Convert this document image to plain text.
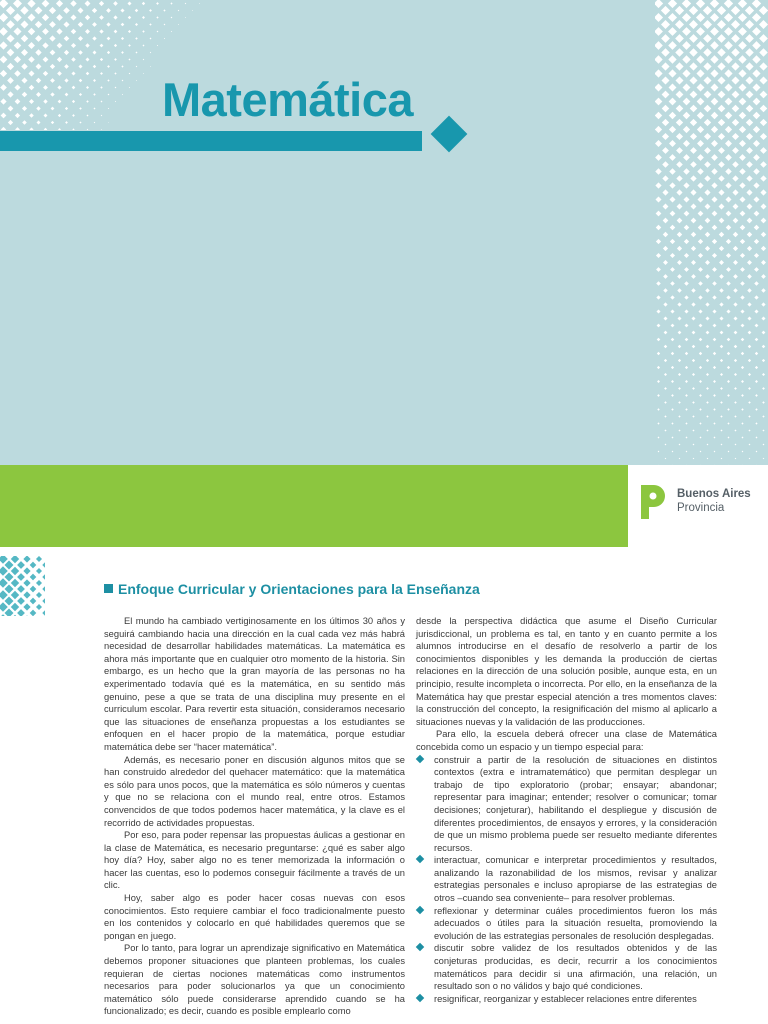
Matemática
Buenos Aires
Provincia
Enfoque Curricular y Orientaciones para la Enseñanza

El mundo ha cambiado vertiginosamente en los últimos 30 años y seguirá cambiando hacia una dirección en la cual cada vez más habrá necesidad de desarrollar habilidades matemáticas. La matemática es ahora más importante que en cualquier otro momento de la historia. Sin embargo, es un hecho que la gran mayoría de las personas no ha experimentado todavía qué es la matemática, en su sentido más genuino, pese a que se trata de una disciplina muy presente en el curriculum escolar. Para revertir esta situación, consideramos necesario que las situaciones de enseñanza propuestas a los estudiantes se enfoquen en el hacer propio de la matemática, porque estudiar matemática debe ser “hacer matemática”.

Además, es necesario poner en discusión algunos mitos que se han construido alrededor del quehacer matemático: que la matemática es sólo para unos pocos, que la matemática es sólo números y cuentas y que no se relaciona con el mundo real, entre otros. Estamos convencidos de que todos podemos hacer matemática, y la clave es el recorrido de actividades propuestas.

Por eso, para poder repensar las propuestas áulicas a gestionar en la clase de Matemática, es necesario preguntarse: ¿qué es saber algo hoy día? Hoy, saber algo no es tener memorizada la información o hacer las cuentas, eso lo podemos conseguir fácilmente a través de un clic.

Hoy, saber algo es poder hacer cosas nuevas con esos conocimientos. Esto requiere cambiar el foco tradicionalmente puesto en los contenidos y colocarlo en qué habilidades queremos que se pongan en juego.

Por lo tanto, para lograr un aprendizaje significativo en Matemática debemos proponer situaciones que planteen problemas, los cuales requieran de ciertas nociones matemáticas como instrumentos necesarios para poder solucionarlos ya que un conocimiento matemático sólo puede considerarse aprendido cuando se ha funcionalizado; es decir, cuando es posible emplearlo como

desde la perspectiva didáctica que asume el Diseño Curricular jurisdiccional, un problema es tal, en tanto y en cuanto permite a los alumnos introducirse en el desafío de resolverlo a partir de los conocimientos disponibles y les demanda la producción de ciertas relaciones en la dirección de una solución posible, aunque esta, en un principio, resulte incompleta o incorrecta. Por ello, en la enseñanza de la Matemática hay que prestar especial atención a tres momentos claves: la construcción del concepto, la resignificación del mismo al aplicarlo a situaciones nuevas y la validación de las producciones.

Para ello, la escuela deberá ofrecer una clase de Matemática concebida como un espacio y un tiempo especial para:

construir a partir de la resolución de situaciones en distintos contextos (extra e intramatemático) que permitan desplegar un trabajo de tipo exploratorio (probar; ensayar; abandonar; representar para imaginar; entender; resolver o comunicar; tomar decisiones; conjeturar), habilitando el despliegue y discusión de diferentes procedimientos, de ensayos y errores, y la consideración de que un mismo problema puede ser resuelto mediante diferentes recursos.
interactuar, comunicar e interpretar procedimientos y resultados, analizando la razonabilidad de los mismos, revisar y analizar estrategias personales e incluso apropiarse de las estrategias de otros –cuando sea conveniente– para resolver problemas.
reflexionar y determinar cuáles procedimientos fueron los más adecuados o útiles para la situación resuelta, promoviendo la evolución de las estrategias personales de resolución desplegadas.
discutir sobre validez de los resultados obtenidos y de las conjeturas producidas, es decir, recurrir a los conocimientos matemáticos para decidir si una afirmación, una relación, un resultado son o no válidos y bajo qué condiciones.
resignificar, reorganizar y establecer relaciones entre diferentes
